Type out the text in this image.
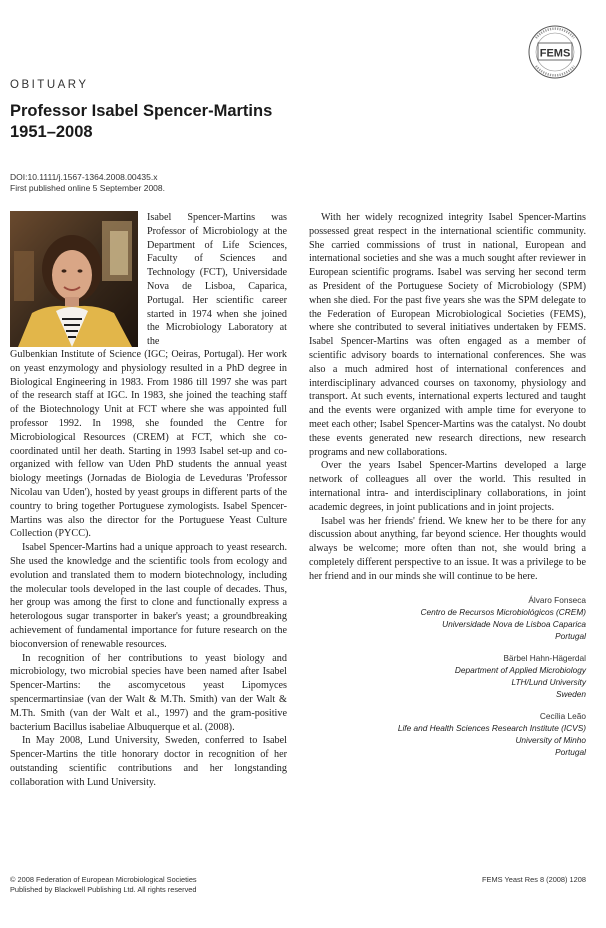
FEMS
OBITUARY
Professor Isabel Spencer-Martins
1951–2008
DOI:10.1111/j.1567-1364.2008.00435.x
First published online 5 September 2008.

Isabel Spencer-Martins was Professor of Microbiology at the Department of Life Sciences, Faculty of Sciences and Technology (FCT), Universidade Nova de Lisboa, Caparica, Portugal. Her scientific career started in 1974 when she joined the Microbiology Laboratory at the

Gulbenkian Institute of Science (IGC; Oeiras, Portugal). Her work on yeast enzymology and physiology resulted in a PhD degree in Biological Engineering in 1983. From 1986 till 1997 she was part of the research staff at IGC. In 1983, she joined the teaching staff of the Biotechnology Unit at FCT where she was appointed full professor 1992. In 1998, she founded the Centre for Microbiological Resources (CREM) at FCT, which she co-coordinated until her death. Starting in 1993 Isabel set-up and co-organized with fellow van Uden PhD students the annual yeast biology meetings (Jornadas de Biologia de Leveduras 'Professor Nicolau van Uden'), hosted by yeast groups in different parts of the country to bring together Portuguese zymologists. Isabel Spencer-Martins was also the director for the Portuguese Yeast Culture Collection (PYCC).

Isabel Spencer-Martins had a unique approach to yeast research. She used the knowledge and the scientific tools from ecology and evolution and translated them to modern biotechnology, including the molecular tools developed in the last couple of decades. Thus, her group was among the first to clone and functionally express a heterologous sugar transporter in baker's yeast; a groundbreaking achievement of fundamental importance for future research on the bioconversion of renewable resources.

In recognition of her contributions to yeast biology and microbiology, two microbial species have been named after Isabel Spencer-Martins: the ascomycetous yeast Lipomyces spencermartinsiae (van der Walt & M.Th. Smith) van der Walt & M.Th. Smith (van der Walt et al., 1997) and the gram-positive bacterium Bacillus isabeliae Albuquerque et al. (2008).

In May 2008, Lund University, Sweden, conferred to Isabel Spencer-Martins the title honorary doctor in recognition of her outstanding scientific contributions and her longstanding collaboration with Lund University.

With her widely recognized integrity Isabel Spencer-Martins possessed great respect in the international scientific community. She carried commissions of trust in national, European and international societies and she was a much sought after reviewer in European scientific programs. Isabel was serving her second term as President of the Portuguese Society of Microbiology (SPM) when she died. For the past five years she was the SPM delegate to the Federation of European Microbiological Societies (FEMS), where she contributed to several initiatives undertaken by FEMS. Isabel Spencer-Martins was often engaged as a member of scientific advisory boards to international conferences. She was also a much admired host of international conferences and interdisciplinary advanced courses on taxonomy, physiology and transport. At such events, international experts lectured and taught and the events were organized with ample time for everyone to meet each other; Isabel Spencer-Martins was the catalyst. No doubt these events generated new research directions, new research programs and new collaborations.

Over the years Isabel Spencer-Martins developed a large network of colleagues all over the world. This resulted in international intra- and interdisciplinary collaborations, in joint academic degrees, in joint publications and in joint projects.

Isabel was her friends' friend. We knew her to be there for any discussion about anything, far beyond science. Her thoughts would always be welcome; more often than not, she would bring a completely different perspective to an issue. It was a privilege to be her friend and in our minds she will continue to be here.

Álvaro Fonseca
Centro de Recursos Microbiológicos (CREM)
Universidade Nova de Lisboa Caparica
Portugal
Bärbel Hahn-Hägerdal
Department of Applied Microbiology
LTH/Lund University
Sweden
Cecília Leão
Life and Health Sciences Research Institute (ICVS)
University of Minho
Portugal
© 2008 Federation of European Microbiological Societies
Published by Blackwell Publishing Ltd. All rights reserved
FEMS Yeast Res 8 (2008) 1208
